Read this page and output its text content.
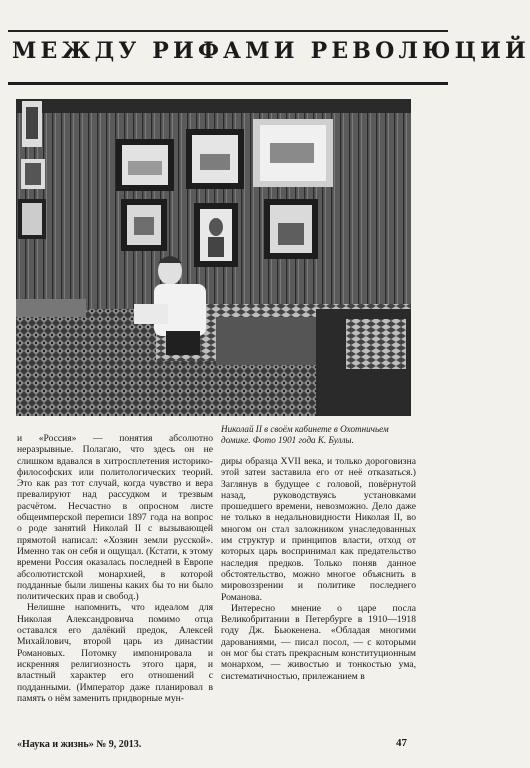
МЕЖДУ РИФАМИ РЕВОЛЮЦИЙ
Николай II в своём кабинете в Охотничьем домике. Фото 1901 года К. Буллы.

и «Россия» — понятия абсолютно неразрывные. Полагаю, что здесь он не слишком вдавался в хитросплетения историко-философских или политологических теорий. Это как раз тот случай, когда чувство и вера превалируют над рассудком и трезвым расчётом. Несчастно в опросном листе общеимперской переписи 1897 года на вопрос о роде занятий Николай II с вызывающей прямотой написал: «Хозяин земли русской». Именно так он себя и ощущал. (Кстати, к этому времени Россия оказалась последней в Европе абсолютистской монархией, в которой подданные были лишены каких бы то ни было политических прав и свобод.)

Нелишне напомнить, что идеалом для Николая Александровича помимо отца оставался его далёкий предок, Алексей Михайлович, второй царь из династии Романовых. Потомку импонировала и искренняя религиозность этого царя, и властный характер его отношений с подданными. (Император даже планировал в память о нём заменить придворные мун-

диры образца XVII века, и только дороговизна этой затеи заставила его от неё отказаться.) Заглянув в будущее с головой, повёрнутой назад, руководствуясь установками прошедшего времени, невозможно. Дело даже не только в недальновидности Николая II, во многом он стал заложником унаследованных им структур и принципов власти, отход от которых царь воспринимал как предательство наследия предков. Только поняв данное обстоятельство, можно многое объяснить в мировоззрении и политике последнего Романова.

Интересно мнение о царе посла Великобритании в Петербурге в 1910—1918 году Дж. Бьюкенена. «Обладая многими дарованиями, — писал посол, — с которыми он мог бы стать прекрасным конституционным монархом, — живостью и тонкостью ума, систематичностью, прилежанием в

«Наука и жизнь» № 9, 2013.	47
